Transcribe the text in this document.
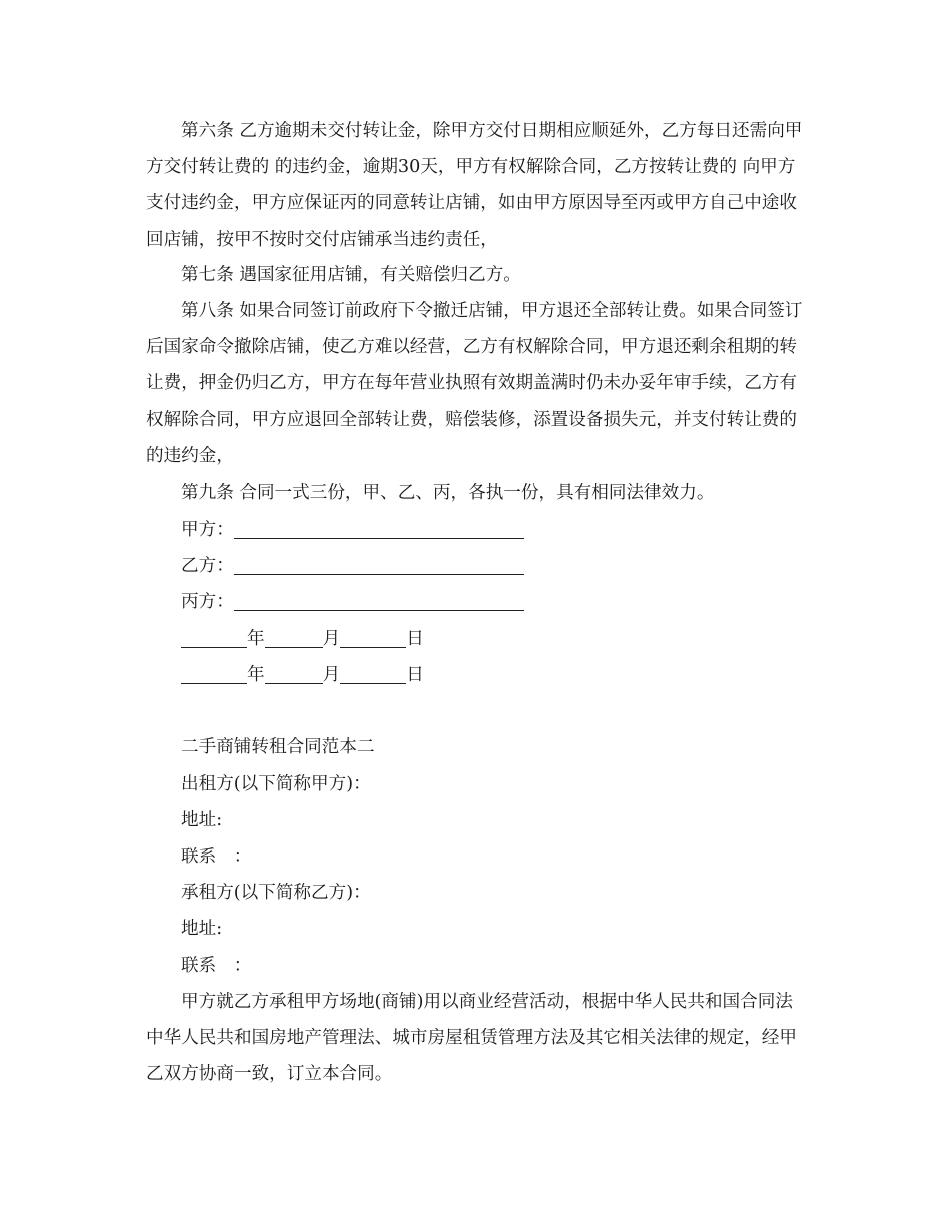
第六条 乙方逾期未交付转让金，除甲方交付日期相应顺延外，乙方每日还需向甲方交付转让费的 的违约金，逾期30天，甲方有权解除合同，乙方按转让费的 向甲方支付违约金，甲方应保证丙的同意转让店铺，如由甲方原因导至丙或甲方自己中途收回店铺，按甲不按时交付店铺承当违约责任，

第七条 遇国家征用店铺，有关赔偿归乙方。

第八条 如果合同签订前政府下令撤迁店铺，甲方退还全部转让费。如果合同签订后国家命令撤除店铺，使乙方难以经营，乙方有权解除合同，甲方退还剩余租期的转让费，押金仍归乙方，甲方在每年营业执照有效期盖满时仍未办妥年审手续，乙方有权解除合同，甲方应退回全部转让费，赔偿装修，添置设备损失元，并支付转让费的 的违约金，

第九条 合同一式三份，甲、乙、丙，各执一份，具有相同法律效力。

甲方：
乙方：
丙方：
年	月	日
年	月	日
二手商铺转租合同范本二
出租方(以下简称甲方)：
地址:
联系　：
承租方(以下简称乙方)：
地址:
联系　：

甲方就乙方承租甲方场地(商铺)用以商业经营活动，根据中华人民共和国合同法中华人民共和国房地产管理法、城市房屋租赁管理方法及其它相关法律的规定，经甲乙双方协商一致，订立本合同。
